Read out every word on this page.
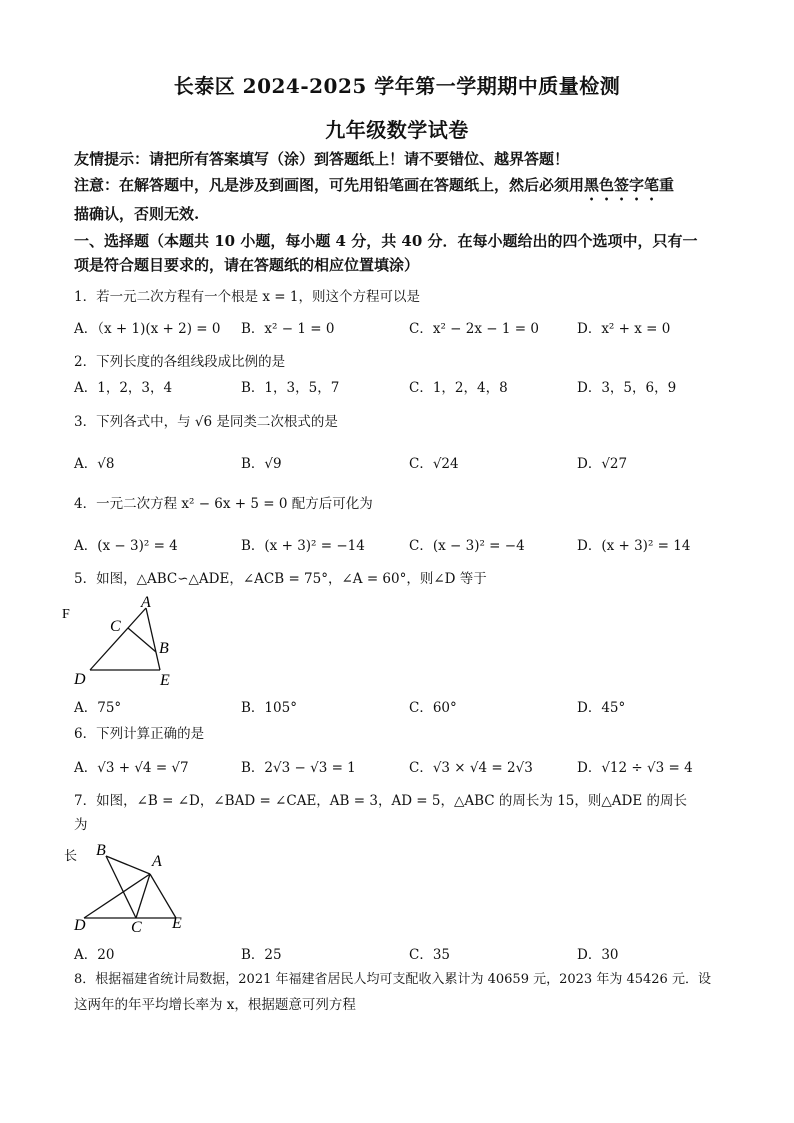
长泰区 2024-2025 学年第一学期期中质量检测
九年级数学试卷
友情提示：请把所有答案填写（涂）到答题纸上！请不要错位、越界答题！
注意：在解答题中，凡是涉及到画图，可先用铅笔画在答题纸上，然后必须用黑色签字笔重
描确认，否则无效.
一、选择题（本题共 10 小题，每小题 4 分，共 40 分．在每小题给出的四个选项中，只有一
项是符合题目要求的，请在答题纸的相应位置填涂）
1．若一元二次方程有一个根是 x = 1，则这个方程可以是
A．（x + 1)(x + 2) = 0 B．x² − 1 = 0	C．x² − 2x − 1 = 0	D．x² + x = 0
2．下列长度的各组线段成比例的是
A．1，2，3，4	B．1，3，5，7	C．1，2，4，8	D．3，5，6，9
3．下列各式中，与 √6 是同类二次根式的是
A．√8	B．√9	C．√24	D．√27
4．一元二次方程 x² − 6x + 5 = 0 配方后可化为
A．(x − 3)² = 4	B．(x + 3)² = −14	C．(x − 3)² = −4	D．(x + 3)² = 14
5．如图，△ABC∽△ADE，∠ACB = 75°，∠A = 60°，则∠D 等于
F
A
C
B
D	E
A．75°	B．105°	C．60°	D．45°
6．下列计算正确的是
A．√3 + √4 = √7	B．2√3 − √3 = 1	C．√3 × √4 = 2√3	D．√12 ÷ √3 = 4
7．如图，∠B = ∠D，∠BAD = ∠CAE，AB = 3，AD = 5，△ABC 的周长为 15，则△ADE 的周长
为
长 B
A
D	C E
A．20	B．25	C．35	D．30
8．根据福建省统计局数据，2021 年福建省居民人均可支配收入累计为 40659 元，2023 年为 45426 元．设
这两年的年平均增长率为 x，根据题意可列方程
